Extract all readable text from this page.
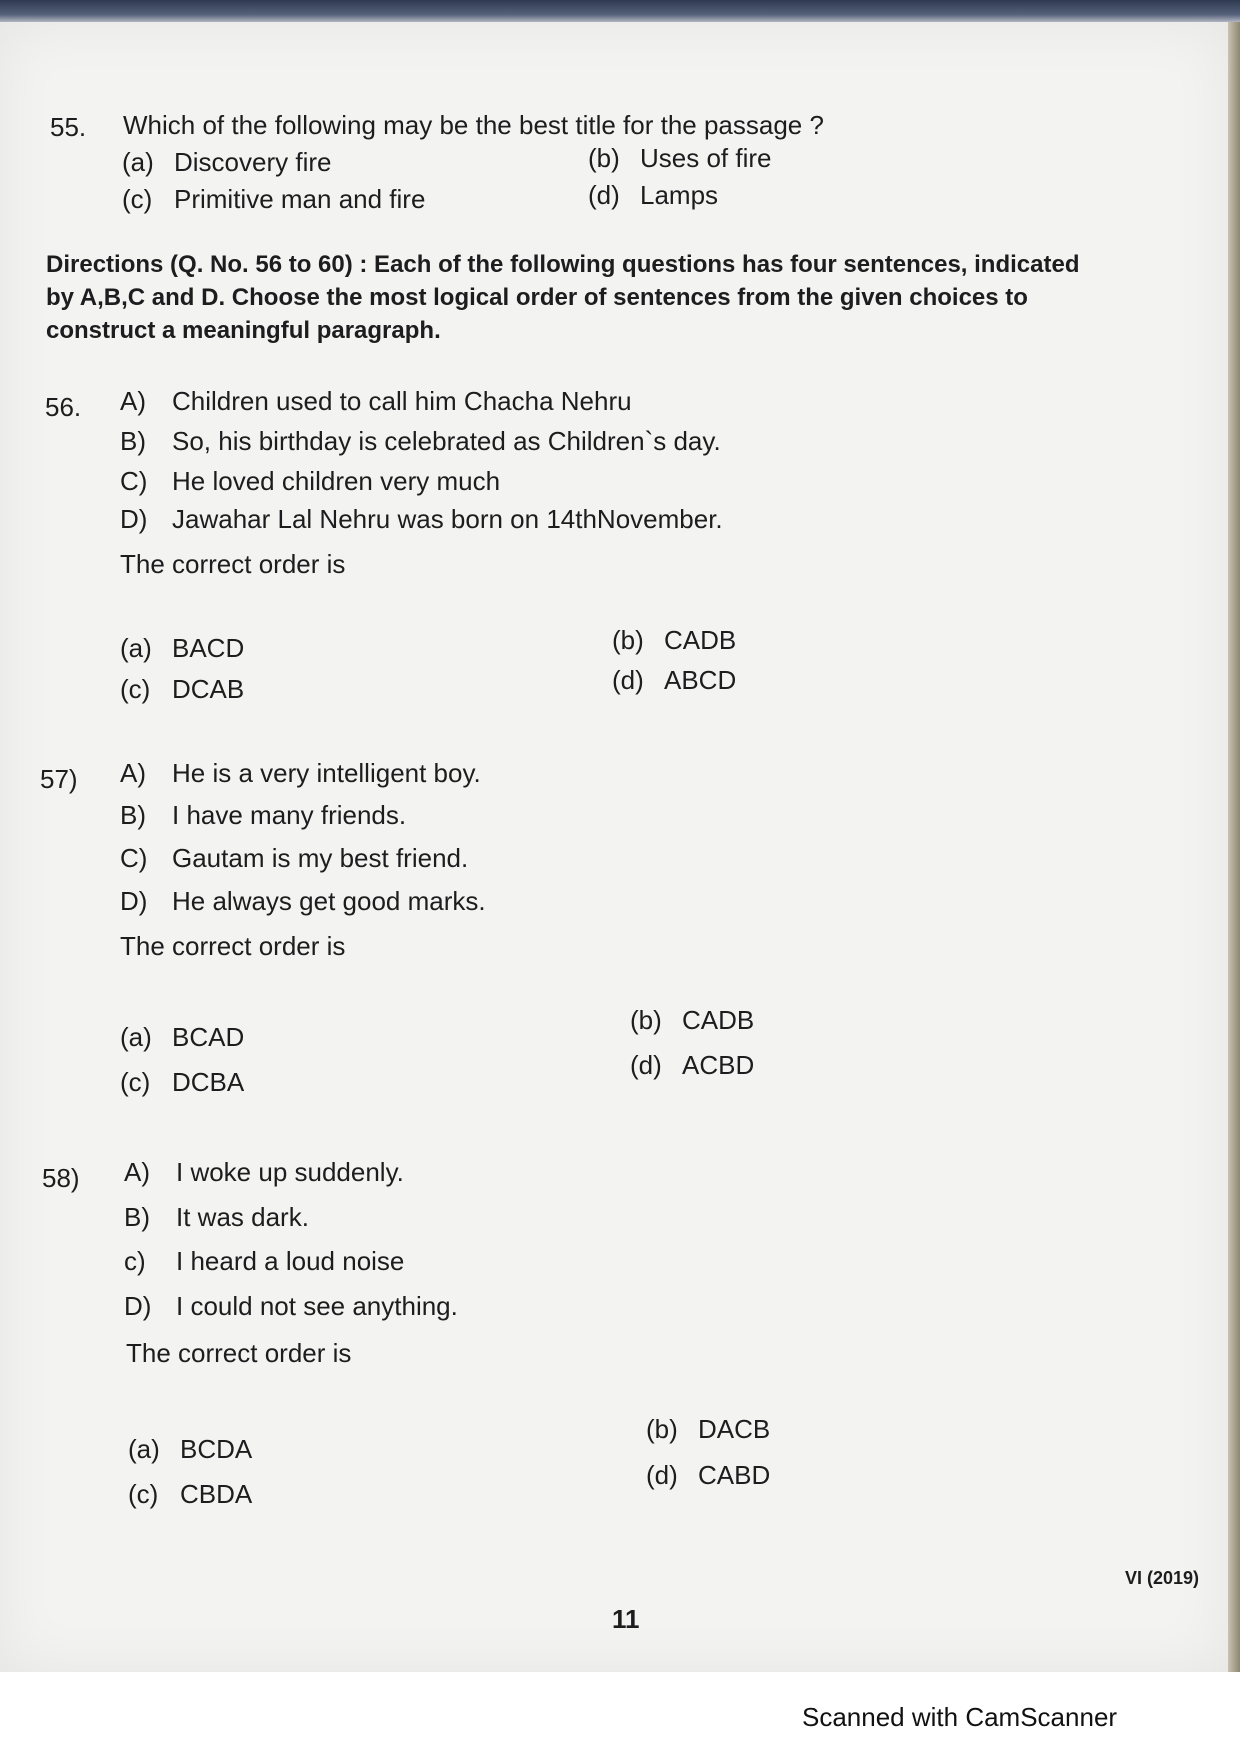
55. Which of the following may be the best title for the passage ?
(a) Discovery fire	(b) Uses of fire
(c) Primitive man and fire	(d) Lamps
Directions (Q. No. 56 to 60) : Each of the following questions has four sentences, indicated by A,B,C and D. Choose the most logical order of sentences from the given choices to construct a meaningful paragraph.
56. A) Children used to call him Chacha Nehru
B) So, his birthday is celebrated as Children`s day.
C) He loved children very much
D) Jawahar Lal Nehru was born on 14thNovember.
The correct order is
(a) BACD	(b) CADB
(c) DCAB	(d) ABCD
57) A) He is a very intelligent boy.
B) I have many friends.
C) Gautam is my best friend.
D) He always get good marks.
The correct order is
(a) BCAD
(b) CADB
(c) DCBA
(d) ACBD
58) A) I woke up suddenly.
B) It was dark.
c) I heard a loud noise
D) I could not see anything.
The correct order is
(a) BCDA
(b) DACB
(c) CBDA
(d) CABD
VI (2019)
11
Scanned with CamScanner
